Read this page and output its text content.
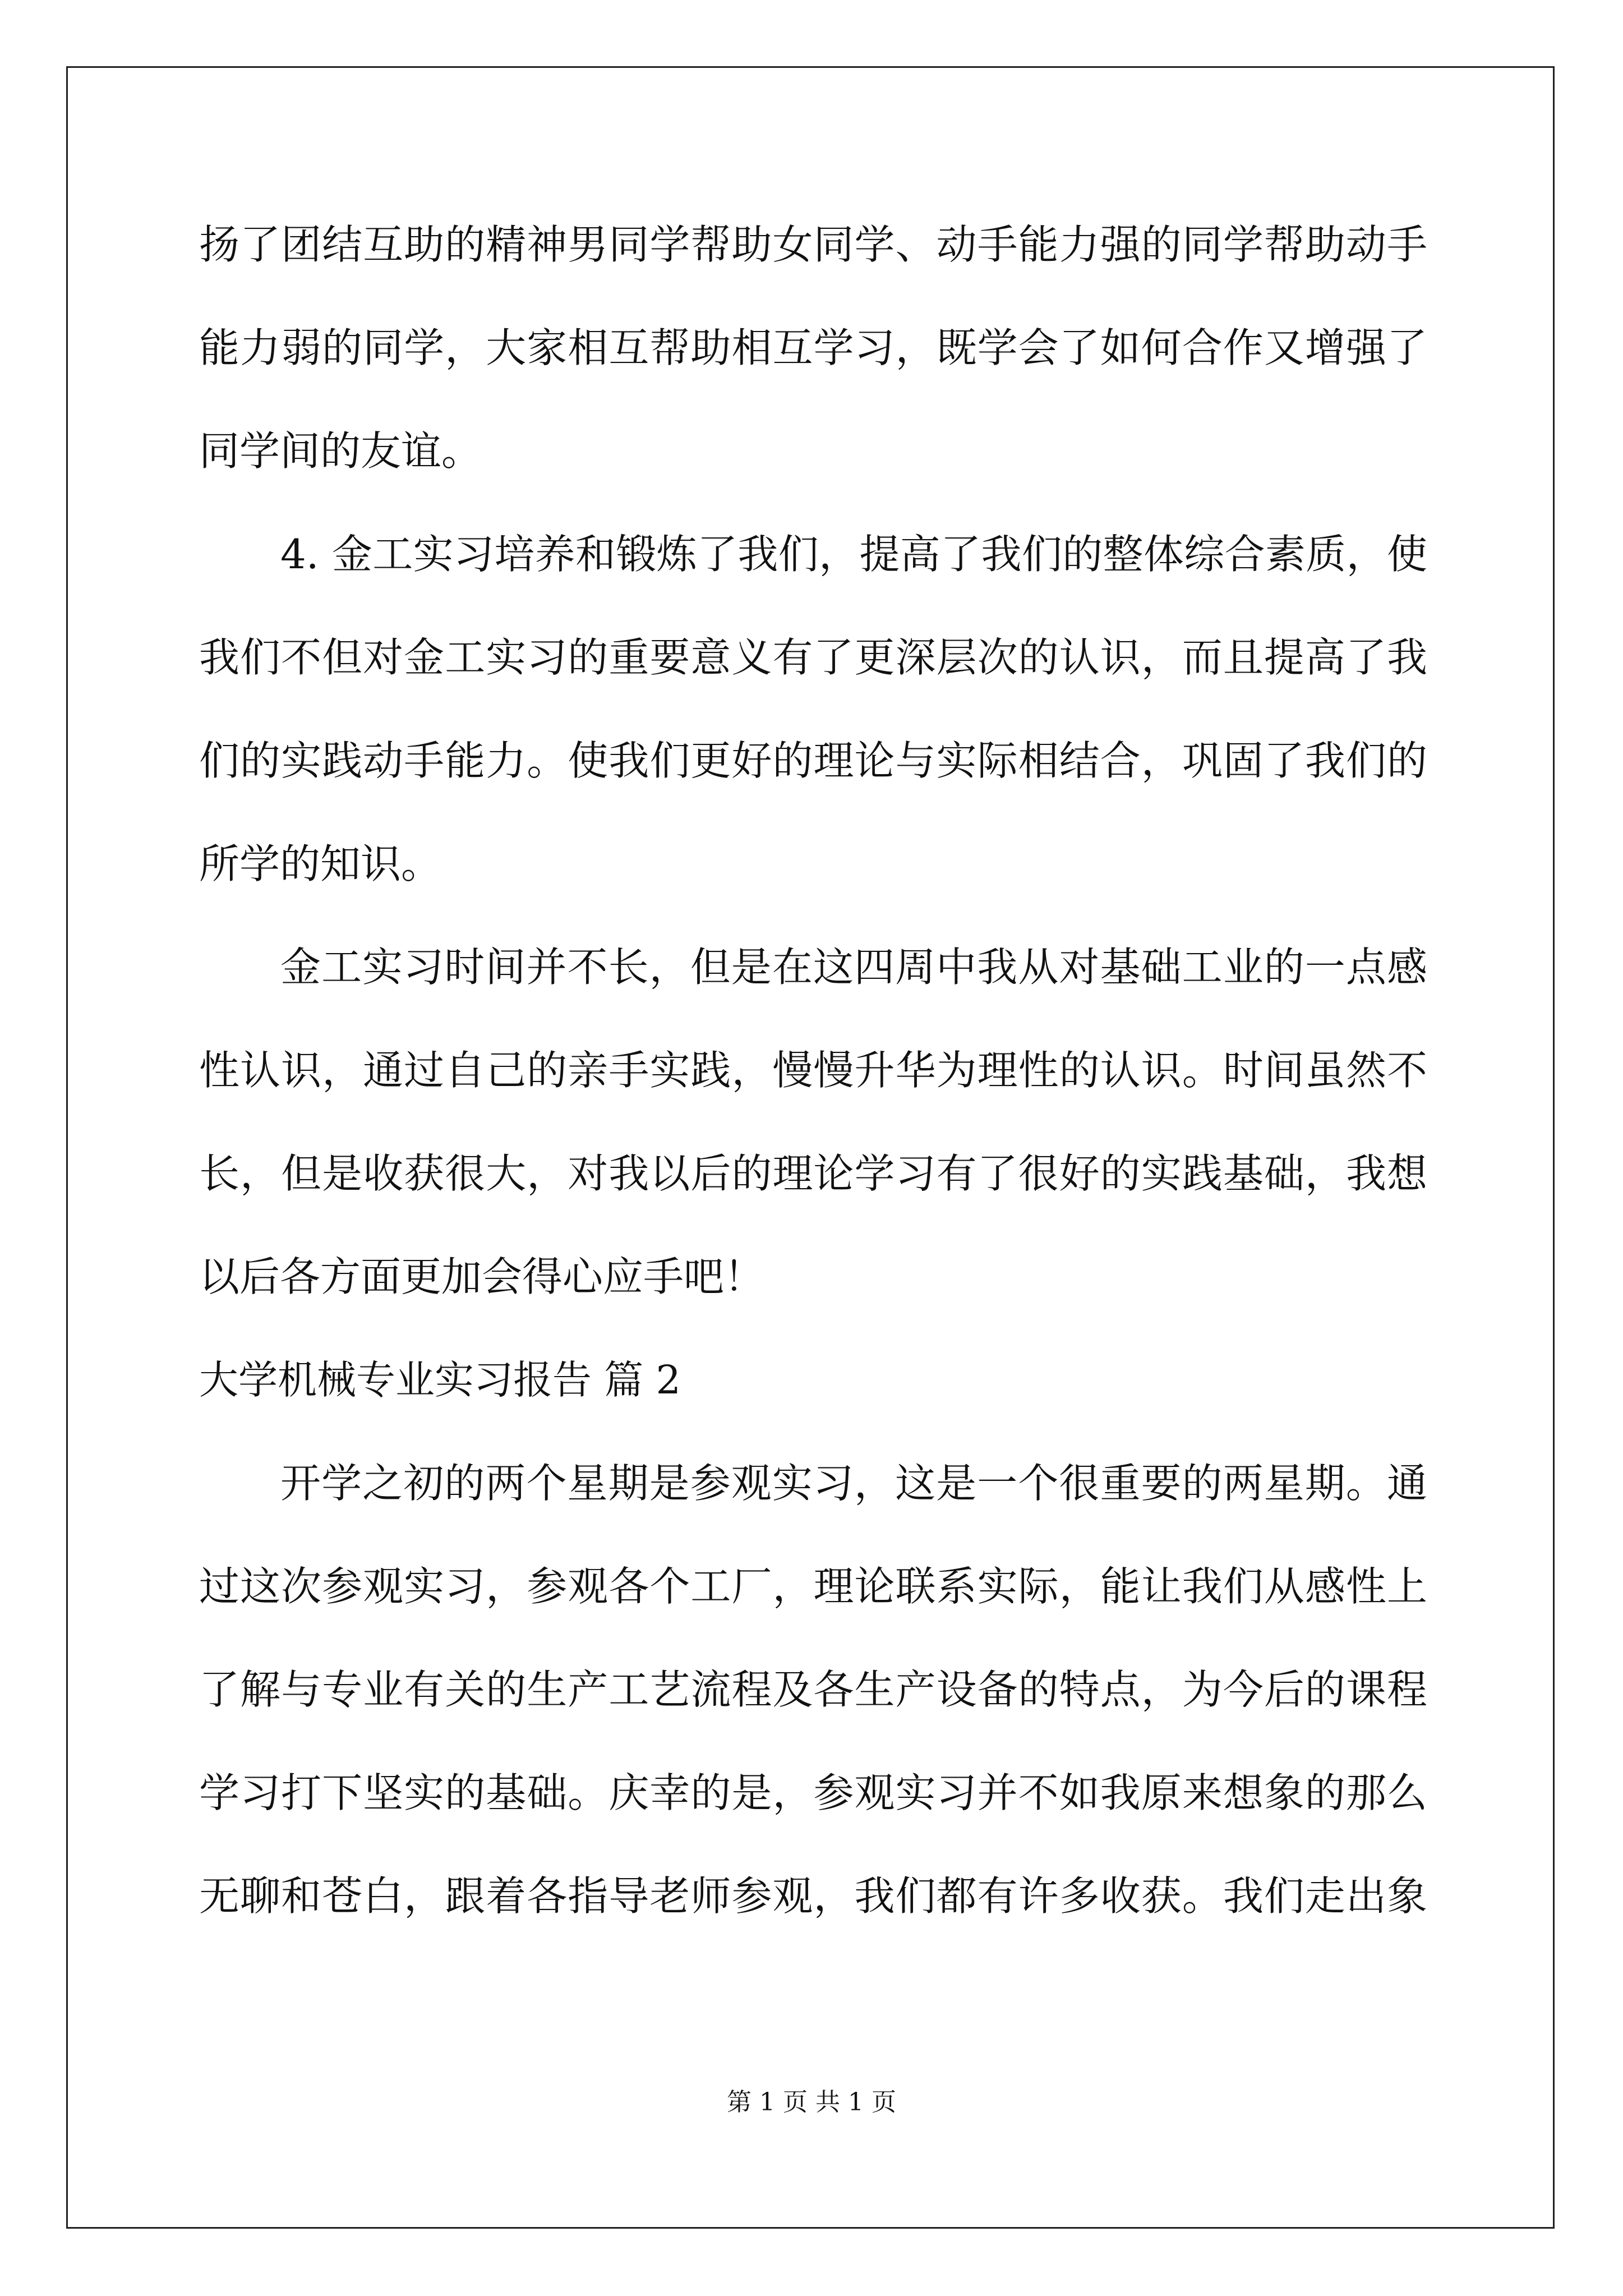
扬了团结互助的精神男同学帮助女同学、动手能力强的同学帮助动手
能力弱的同学，大家相互帮助相互学习，既学会了如何合作又增强了
同学间的友谊。
4. 金工实习培养和锻炼了我们，提高了我们的整体综合素质，使
我们不但对金工实习的重要意义有了更深层次的认识，而且提高了我
们的实践动手能力。使我们更好的理论与实际相结合，巩固了我们的
所学的知识。
金工实习时间并不长，但是在这四周中我从对基础工业的一点感
性认识，通过自己的亲手实践，慢慢升华为理性的认识。时间虽然不
长，但是收获很大，对我以后的理论学习有了很好的实践基础，我想
以后各方面更加会得心应手吧！
大学机械专业实习报告 篇 2
开学之初的两个星期是参观实习，这是一个很重要的两星期。通
过这次参观实习，参观各个工厂，理论联系实际，能让我们从感性上
了解与专业有关的生产工艺流程及各生产设备的特点，为今后的课程
学习打下坚实的基础。庆幸的是，参观实习并不如我原来想象的那么
无聊和苍白，跟着各指导老师参观，我们都有许多收获。我们走出象
第 1 页 共 1 页
